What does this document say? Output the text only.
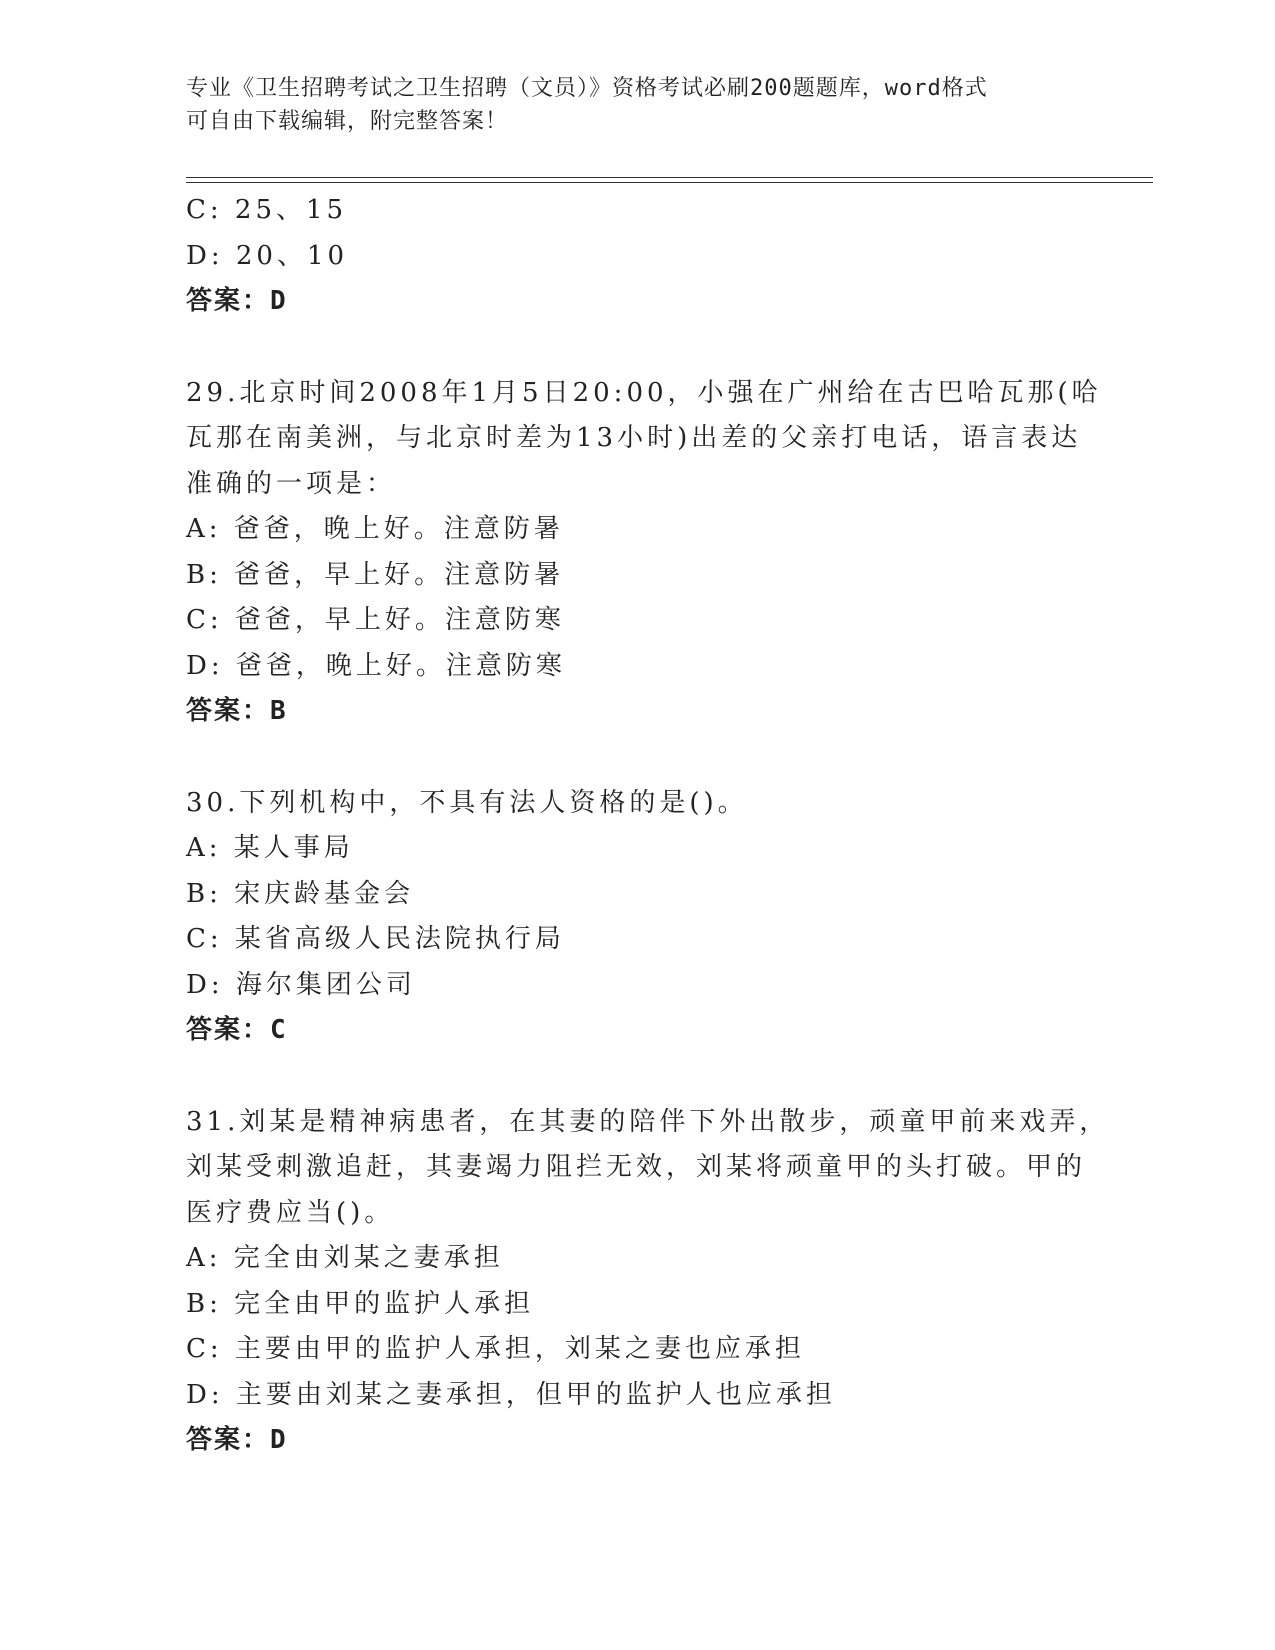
专业《卫生招聘考试之卫生招聘（文员）》资格考试必刷200题题库，word格式
可自由下载编辑，附完整答案！
C: 25、15
D: 20、10
答案：D
29.北京时间2008年1月5日20:00，小强在广州给在古巴哈瓦那(哈
瓦那在南美洲，与北京时差为13小时)出差的父亲打电话，语言表达
准确的一项是：
A: 爸爸，晚上好。注意防暑
B: 爸爸，早上好。注意防暑
C: 爸爸，早上好。注意防寒
D: 爸爸，晚上好。注意防寒
答案：B
30.下列机构中，不具有法人资格的是()。
A: 某人事局
B: 宋庆龄基金会
C: 某省高级人民法院执行局
D: 海尔集团公司
答案：C
31.刘某是精神病患者，在其妻的陪伴下外出散步，顽童甲前来戏弄，
刘某受刺激追赶，其妻竭力阻拦无效，刘某将顽童甲的头打破。甲的
医疗费应当()。
A: 完全由刘某之妻承担
B: 完全由甲的监护人承担
C: 主要由甲的监护人承担，刘某之妻也应承担
D: 主要由刘某之妻承担，但甲的监护人也应承担
答案：D
